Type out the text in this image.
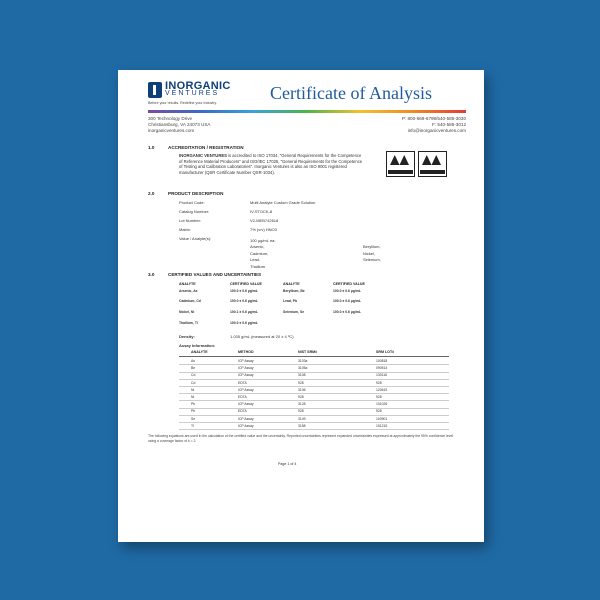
INORGANIC
VENTURES
Before your results. Redefine your industry.	Certificate of Analysis
300 Technology Drive
Christiansburg, VA 24073 USA
inorganicventures.com
P: 800-669-6799/540-585-3030
F: 540-585-3012
info@inorganicventures.com
1.0	ACCREDITATION / REGISTRATION
INORGANIC VENTURES is accredited to ISO 17034, "General Requirements for the Competence of Reference Material Producers" and ISO/IEC 17025, "General Requirements for the Competence of Testing and Calibration Laboratories". Inorganic Ventures is also an ISO 9001 registered manufacturer (QSR Certificate Number QSR-1034).
2.0	PRODUCT DESCRIPTION
Product Code:	Multi Analyte Custom Grade Solution
Catalog Number:	IV-STOCK-8
Lot Number:	V2-MEB742618
Matrix:	7% (v/v) HNO3
Value / Analyte(s):	100 µg/mL ea:
Arsenic,
Cadmium,
Lead,
Thallium
Beryllium,
Nickel,
Selenium,
3.0	CERTIFIED VALUES AND UNCERTAINTIES
ANALYTE	CERTIFIED VALUE	ANALYTE	CERTIFIED VALUE
Arsenic, As	100.0 ± 0.6 µg/mL	Beryllium, Be	100.0 ± 0.6 µg/mL
Cadmium, Cd	100.0 ± 0.6 µg/mL	Lead, Pb	100.0 ± 0.6 µg/mL
Nickel, Ni	100.1 ± 0.6 µg/mL	Selenium, Se	100.0 ± 0.6 µg/mL
Thallium, Tl	100.0 ± 0.6 µg/mL
Density:	1.035 g/mL (measured at 20 ± 4 ºC)
Assay Information:
ANALYTE	METHOD	NIST SRM#	SRM LOT#
As	ICP Assay	3103a	100818
Be	ICP Assay	3105a	090514
Cd	ICP Assay	3108	130116
Cd	EDTA	928	928
Ni	ICP Assay	3136	120619
Ni	EDTA	928	928
Pb	ICP Assay	3128	101026
Pb	EDTA	928	928
Se	ICP Assay	3149	100901
Tl	ICP Assay	3158	151215
The following equations are used in the calculation of the certified value and the uncertainty. Reported uncertainties represent expanded uncertainties expressed at approximately the 95% confidence level using a coverage factor of k = 2.
Page 1 of 4
